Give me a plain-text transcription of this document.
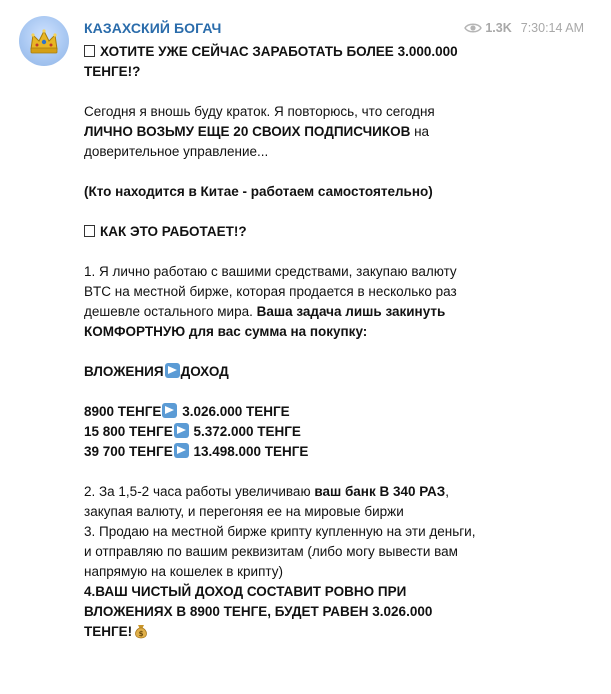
КАЗАХСКИЙ БОГАЧ	1.3K 7:30:14 AM
ХОТИТЕ УЖЕ СЕЙЧАС ЗАРАБОТАТЬ БОЛЕЕ 3.000.000
ТЕНГЕ!?
Сегодня я вношь буду краток. Я повторюсь, что сегодня
ЛИЧНО ВОЗЬМУ ЕЩЕ 20 СВОИХ ПОДПИСЧИКОВ на
доверительное управление...
(Кто находится в Китае - работаем самостоятельно)
КАК ЭТО РАБОТАЕТ!?
1. Я лично работаю с вашими средствами, закупаю валюту
BTC на местной бирже, которая продается в несколько раз
дешевле остального мира. Ваша задача лишь закинуть
КОМФОРТНУЮ для вас сумма на покупку:
ВЛОЖЕНИЯ ДОХОД
8900 ТЕНГЕ 3.026.000 ТЕНГЕ
15 800 ТЕНГЕ 5.372.000 ТЕНГЕ
39 700 ТЕНГЕ 13.498.000 ТЕНГЕ
2. За 1,5-2 часа работы увеличиваю ваш банк В 340 РАЗ,
закупая валюту, и перегоняя ее на мировые биржи
3. Продаю на местной бирже крипту купленную на эти деньги,
и отправляю по вашим реквизитам (либо могу вывести вам
напрямую на кошелек в крипту)
4.ВАШ ЧИСТЫЙ ДОХОД СОСТАВИТ РОВНО ПРИ
ВЛОЖЕНИЯХ В 8900 ТЕНГЕ, БУДЕТ РАВЕН 3.026.000
ТЕНГЕ! $
